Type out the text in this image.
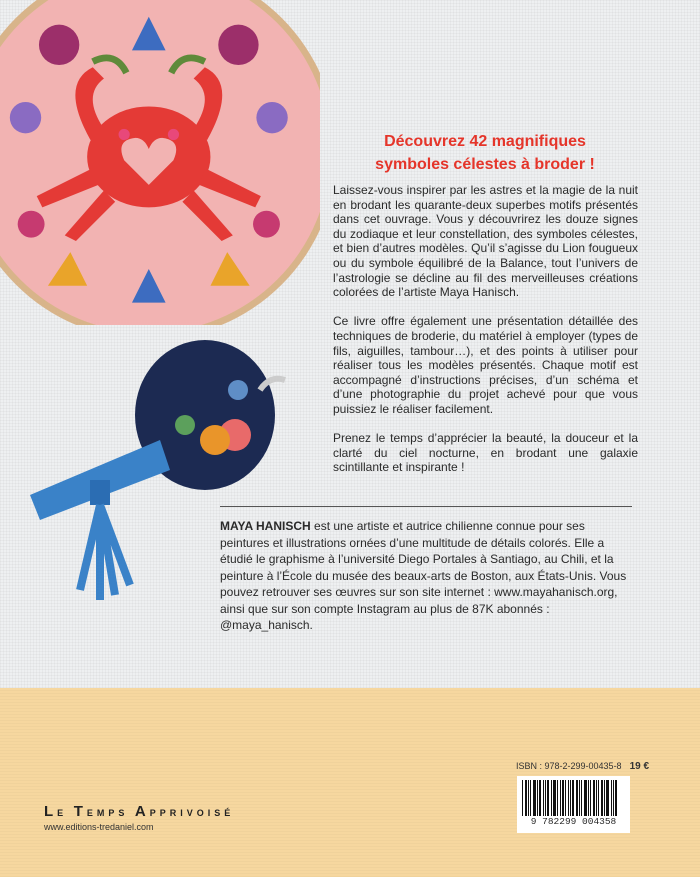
Découvrez 42 magnifiques
symboles célestes à broder !

Laissez-vous inspirer par les astres et la magie de la nuit en brodant les quarante-deux superbes motifs présentés dans cet ouvrage. Vous y découvrirez les douze signes du zodiaque et leur constellation, des symboles célestes, et bien d’autres modèles. Qu’il s’agisse du Lion fougueux ou du symbole équilibré de la Balance, tout l’univers de l’astrologie se décline au fil des merveilleuses créations colorées de l’artiste Maya Hanisch.

Ce livre offre également une présentation détaillée des techniques de broderie, du matériel à employer (types de fils, aiguilles, tambour…), et des points à utiliser pour réaliser tous les modèles présentés. Chaque motif est accompagné d’instructions précises, d’un schéma et d’une photographie du projet achevé pour que vous puissiez le réaliser facilement.

Prenez le temps d’apprécier la beauté, la douceur et la clarté du ciel nocturne, en brodant une galaxie scintillante et inspirante !

MAYA HANISCH est une artiste et autrice chilienne connue pour ses peintures et illustrations ornées d’une multitude de détails colorés. Elle a étudié le graphisme à l’université Diego Portales à Santiago, au Chili, et la peinture à l’École du musée des beaux-arts de Boston, aux États-Unis. Vous pouvez retrouver ses œuvres sur son site internet : www.mayahanisch.org, ainsi que sur son compte Instagram au plus de 87K abonnés : @maya_hanisch.
ISBN : 978-2-299-00435-8 19 €
9 782299 004358
LE TEMPS APPRIVOISÉ
www.editions-tredaniel.com
